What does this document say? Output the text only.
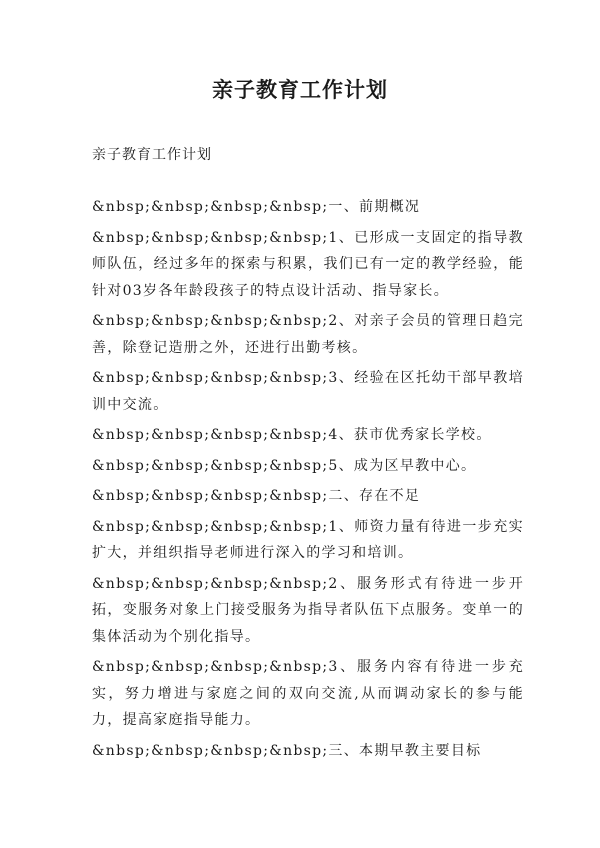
亲子教育工作计划

亲子教育工作计划

&nbsp;&nbsp;&nbsp;&nbsp;一、前期概况

&nbsp;&nbsp;&nbsp;&nbsp;1、已形成一支固定的指导教师队伍，经过多年的探索与积累，我们已有一定的教学经验，能针对03岁各年龄段孩子的特点设计活动、指导家长。

&nbsp;&nbsp;&nbsp;&nbsp;2、对亲子会员的管理日趋完善，除登记造册之外，还进行出勤考核。

&nbsp;&nbsp;&nbsp;&nbsp;3、经验在区托幼干部早教培训中交流。

&nbsp;&nbsp;&nbsp;&nbsp;4、获市优秀家长学校。

&nbsp;&nbsp;&nbsp;&nbsp;5、成为区早教中心。

&nbsp;&nbsp;&nbsp;&nbsp;二、存在不足

&nbsp;&nbsp;&nbsp;&nbsp;1、师资力量有待进一步充实扩大，并组织指导老师进行深入的学习和培训。

&nbsp;&nbsp;&nbsp;&nbsp;2、服务形式有待进一步开拓，变服务对象上门接受服务为指导者队伍下点服务。变单一的集体活动为个别化指导。

&nbsp;&nbsp;&nbsp;&nbsp;3、服务内容有待进一步充实，努力增进与家庭之间的双向交流,从而调动家长的参与能力，提高家庭指导能力。

&nbsp;&nbsp;&nbsp;&nbsp;三、本期早教主要目标
